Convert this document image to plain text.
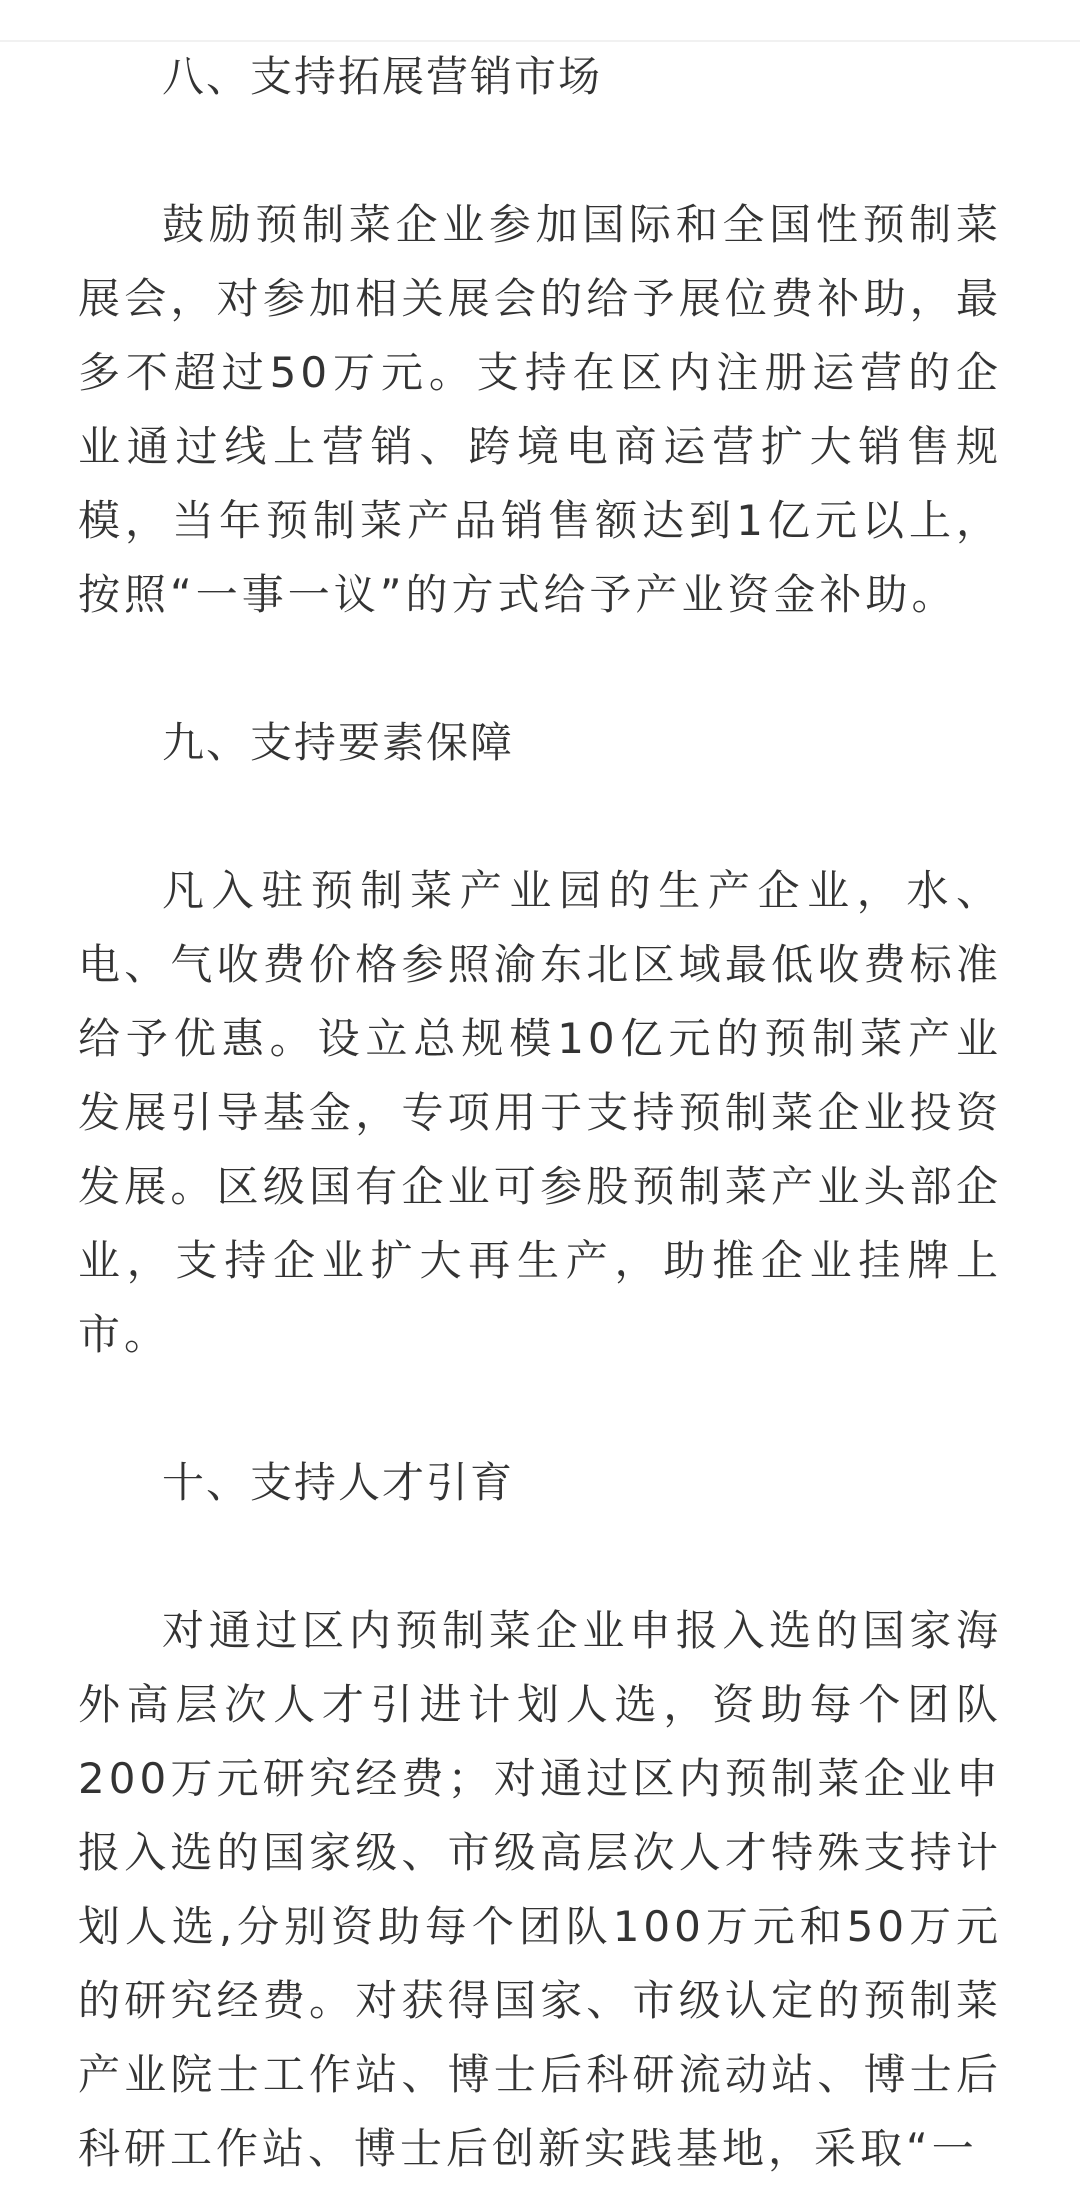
八、支持拓展营销市场

鼓励预制菜企业参加国际和全国性预制菜展会，对参加相关展会的给予展位费补助，最多不超过50万元。支持在区内注册运营的企业通过线上营销、跨境电商运营扩大销售规模，当年预制菜产品销售额达到1亿元以上，按照“一事一议”的方式给予产业资金补助。

九、支持要素保障

凡入驻预制菜产业园的生产企业，水、电、气收费价格参照渝东北区域最低收费标准给予优惠。设立总规模10亿元的预制菜产业发展引导基金，专项用于支持预制菜企业投资发展。区级国有企业可参股预制菜产业头部企业，支持企业扩大再生产，助推企业挂牌上市。

十、支持人才引育

对通过区内预制菜企业申报入选的国家海外高层次人才引进计划人选，资助每个团队200万元研究经费；对通过区内预制菜企业申报入选的国家级、市级高层次人才特殊支持计划人选,分别资助每个团队100万元和50万元的研究经费。对获得国家、市级认定的预制菜产业院士工作站、博士后科研流动站、博士后科研工作站、博士后创新实践基地，采取“一
